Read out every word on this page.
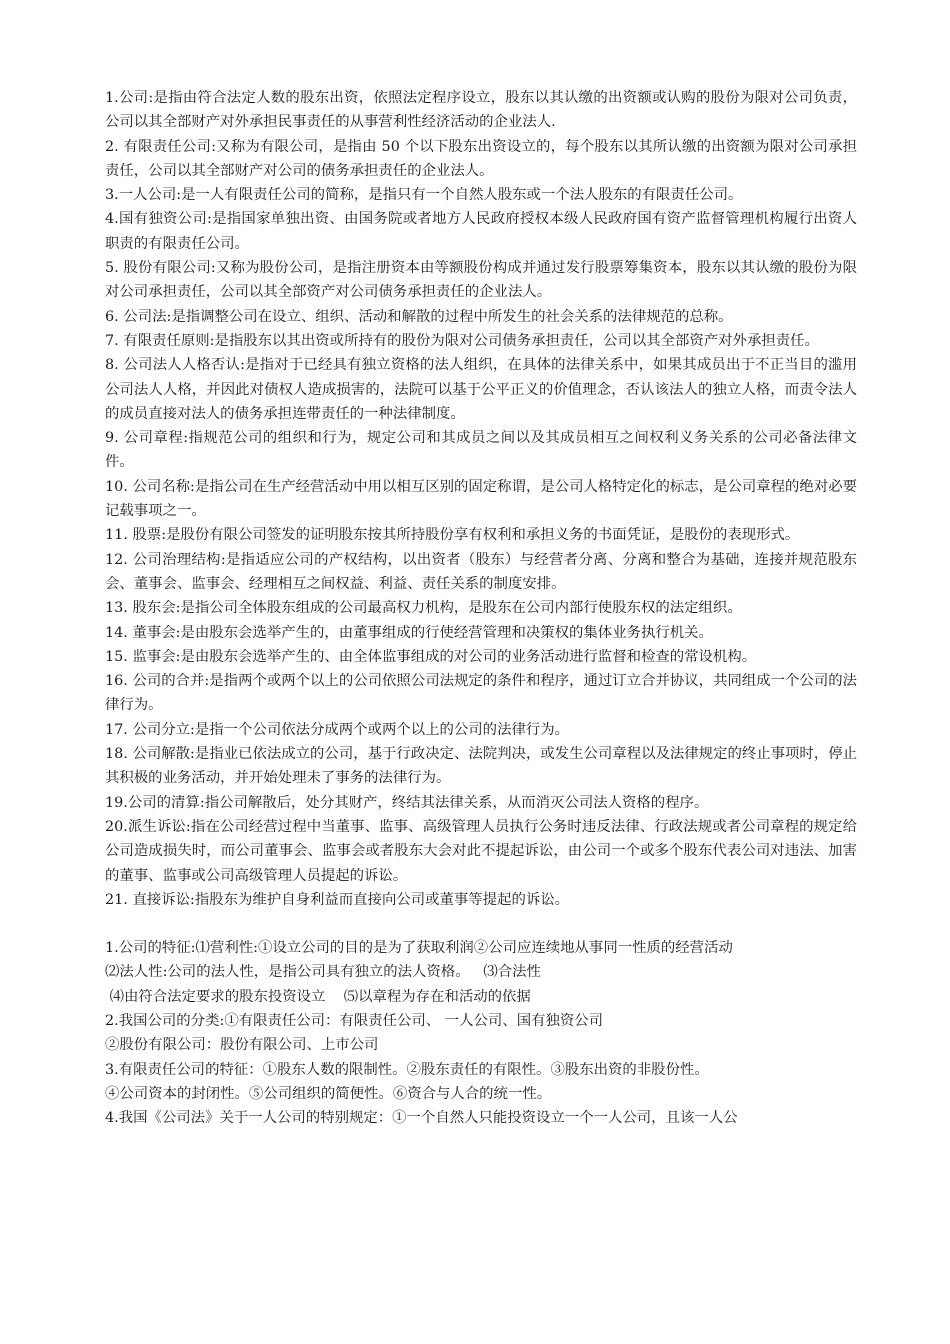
1.公司:是指由符合法定人数的股东出资，依照法定程序设立，股东以其认缴的出资额或认购的股份为限对公司负责，公司以其全部财产对外承担民事责任的从事营利性经济活动的企业法人.

2. 有限责任公司:又称为有限公司，是指由 50 个以下股东出资设立的，每个股东以其所认缴的出资额为限对公司承担责任，公司以其全部财产对公司的债务承担责任的企业法人。

3.一人公司:是一人有限责任公司的简称，是指只有一个自然人股东或一个法人股东的有限责任公司。

4.国有独资公司:是指国家单独出资、由国务院或者地方人民政府授权本级人民政府国有资产监督管理机构履行出资人职责的有限责任公司。

5. 股份有限公司:又称为股份公司，是指注册资本由等额股份构成并通过发行股票筹集资本，股东以其认缴的股份为限对公司承担责任，公司以其全部资产对公司债务承担责任的企业法人。

6. 公司法:是指调整公司在设立、组织、活动和解散的过程中所发生的社会关系的法律规范的总称。

7. 有限责任原则:是指股东以其出资或所持有的股份为限对公司债务承担责任，公司以其全部资产对外承担责任。

8. 公司法人人格否认:是指对于已经具有独立资格的法人组织，在具体的法律关系中，如果其成员出于不正当目的滥用公司法人人格，并因此对债权人造成损害的，法院可以基于公平正义的价值理念，否认该法人的独立人格，而责令法人的成员直接对法人的债务承担连带责任的一种法律制度。

9. 公司章程:指规范公司的组织和行为，规定公司和其成员之间以及其成员相互之间权利义务关系的公司必备法律文件。

10. 公司名称:是指公司在生产经营活动中用以相互区别的固定称谓，是公司人格特定化的标志，是公司章程的绝对必要记载事项之一。

11. 股票:是股份有限公司签发的证明股东按其所持股份享有权利和承担义务的书面凭证，是股份的表现形式。

12. 公司治理结构:是指适应公司的产权结构，以出资者（股东）与经营者分离、分离和整合为基础，连接并规范股东会、董事会、监事会、经理相互之间权益、利益、责任关系的制度安排。

13. 股东会:是指公司全体股东组成的公司最高权力机构，是股东在公司内部行使股东权的法定组织。

14. 董事会:是由股东会选举产生的，由董事组成的行使经营管理和决策权的集体业务执行机关。

15. 监事会:是由股东会选举产生的、由全体监事组成的对公司的业务活动进行监督和检查的常设机构。

16. 公司的合并:是指两个或两个以上的公司依照公司法规定的条件和程序，通过订立合并协议，共同组成一个公司的法律行为。

17. 公司分立:是指一个公司依法分成两个或两个以上的公司的法律行为。

18. 公司解散:是指业已依法成立的公司，基于行政决定、法院判决，或发生公司章程以及法律规定的终止事项时，停止其积极的业务活动，并开始处理未了事务的法律行为。

19.公司的清算:指公司解散后，处分其财产，终结其法律关系，从而消灭公司法人资格的程序。

20.派生诉讼:指在公司经营过程中当董事、监事、高级管理人员执行公务时违反法律、行政法规或者公司章程的规定给公司造成损失时，而公司董事会、监事会或者股东大会对此不提起诉讼，由公司一个或多个股东代表公司对违法、加害的董事、监事或公司高级管理人员提起的诉讼。

21. 直接诉讼:指股东为维护自身利益而直接向公司或董事等提起的诉讼。

1.公司的特征:⑴营利性:①设立公司的目的是为了获取利润②公司应连续地从事同一性质的经营活动

⑵法人性:公司的法人性，是指公司具有独立的法人资格。   ⑶合法性

⑷由符合法定要求的股东投资设立    ⑸以章程为存在和活动的依据

2.我国公司的分类:①有限责任公司：有限责任公司、 一人公司、国有独资公司

②股份有限公司：股份有限公司、上市公司

3.有限责任公司的特征：①股东人数的限制性。②股东责任的有限性。③股东出资的非股份性。

④公司资本的封闭性。⑤公司组织的简便性。⑥资合与人合的统一性。

4.我国《公司法》关于一人公司的特别规定：①一个自然人只能投资设立一个一人公司，且该一人公
